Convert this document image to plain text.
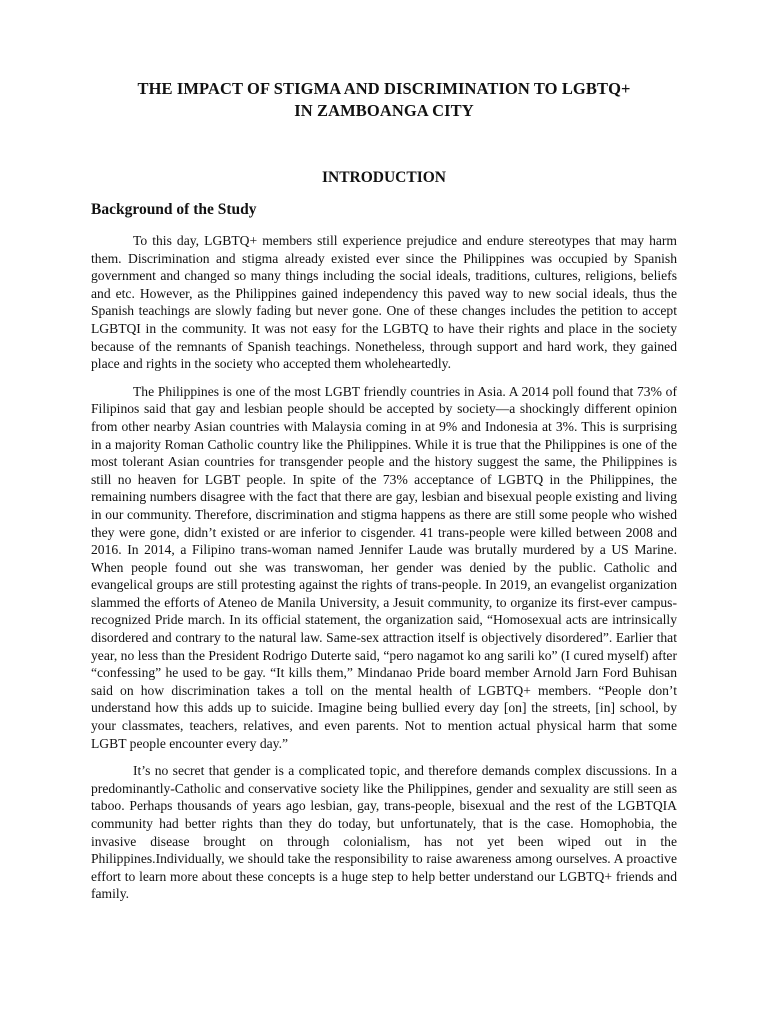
THE IMPACT OF STIGMA AND DISCRIMINATION TO LGBTQ+
IN ZAMBOANGA CITY
INTRODUCTION
Background of the Study

To this day, LGBTQ+ members still experience prejudice and endure stereotypes that may harm them. Discrimination and stigma already existed ever since the Philippines was occupied by Spanish government and changed so many things including the social ideals, traditions, cultures, religions, beliefs and etc. However, as the Philippines gained independency this paved way to new social ideals, thus the Spanish teachings are slowly fading but never gone. One of these changes includes the petition to accept LGBTQI in the community. It was not easy for the LGBTQ to have their rights and place in the society because of the remnants of Spanish teachings. Nonetheless, through support and hard work, they gained place and rights in the society who accepted them wholeheartedly.

The Philippines is one of the most LGBT friendly countries in Asia. A 2014 poll found that 73% of Filipinos said that gay and lesbian people should be accepted by society—a shockingly different opinion from other nearby Asian countries with Malaysia coming in at 9% and Indonesia at 3%. This is surprising in a majority Roman Catholic country like the Philippines. While it is true that the Philippines is one of the most tolerant Asian countries for transgender people and the history suggest the same, the Philippines is still no heaven for LGBT people. In spite of the 73% acceptance of LGBTQ in the Philippines, the remaining numbers disagree with the fact that there are gay, lesbian and bisexual people existing and living in our community. Therefore, discrimination and stigma happens as there are still some people who wished they were gone, didn’t existed or are inferior to cisgender. 41 trans-people were killed between 2008 and 2016. In 2014, a Filipino trans-woman named Jennifer Laude was brutally murdered by a US Marine. When people found out she was transwoman, her gender was denied by the public. Catholic and evangelical groups are still protesting against the rights of trans-people. In 2019, an evangelist organization slammed the efforts of Ateneo de Manila University, a Jesuit community, to organize its first-ever campus-recognized Pride march. In its official statement, the organization said, “Homosexual acts are intrinsically disordered and contrary to the natural law. Same-sex attraction itself is objectively disordered”. Earlier that year, no less than the President Rodrigo Duterte said, “pero nagamot ko ang sarili ko” (I cured myself) after “confessing” he used to be gay. “It kills them,” Mindanao Pride board member Arnold Jarn Ford Buhisan said on how discrimination takes a toll on the mental health of LGBTQ+ members. “People don’t understand how this adds up to suicide. Imagine being bullied every day [on] the streets, [in] school, by your classmates, teachers, relatives, and even parents. Not to mention actual physical harm that some LGBT people encounter every day.”

It’s no secret that gender is a complicated topic, and therefore demands complex discussions. In a predominantly-Catholic and conservative society like the Philippines, gender and sexuality are still seen as taboo. Perhaps thousands of years ago lesbian, gay, trans-people, bisexual and the rest of the LGBTQIA community had better rights than they do today, but unfortunately, that is the case. Homophobia, the invasive disease brought on through colonialism, has not yet been wiped out in the Philippines.Individually, we should take the responsibility to raise awareness among ourselves. A proactive effort to learn more about these concepts is a huge step to help better understand our LGBTQ+ friends and family.
